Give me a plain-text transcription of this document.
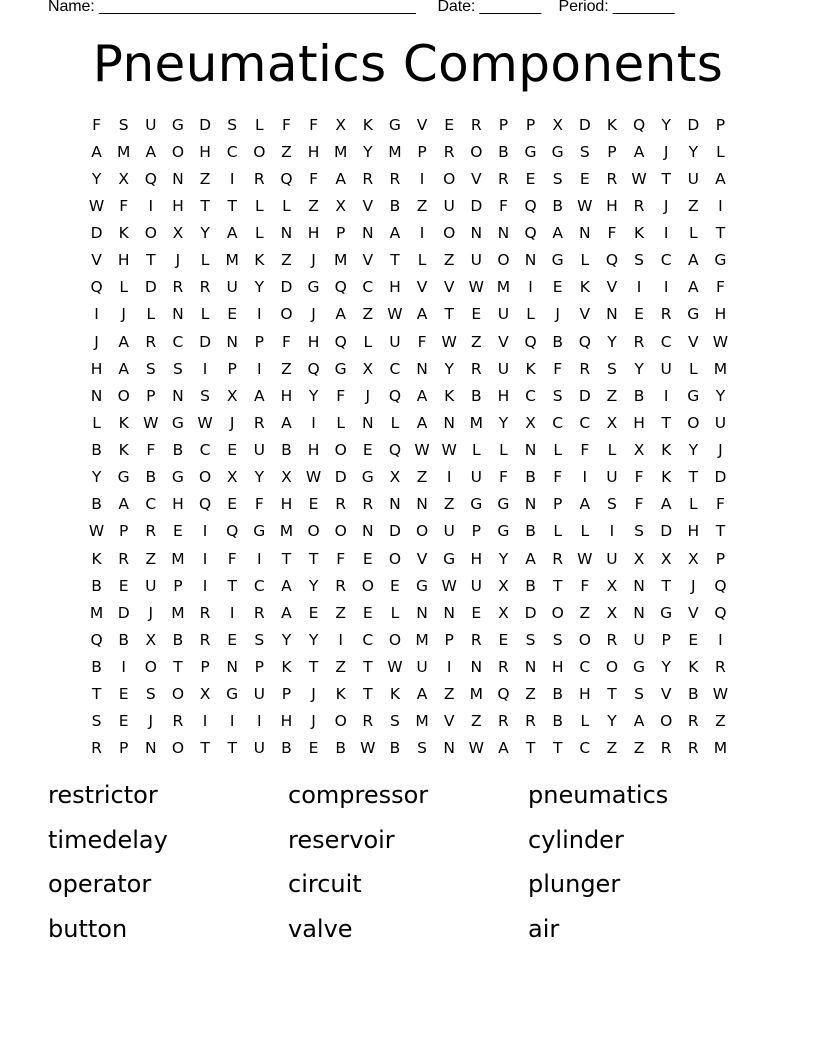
Name: ____________________________________ Date: _______ Period: _______
Pneumatics Components
F	S	U G D	S	L	F	F	X	K	G	V	E	R	P	P	X	D	K	Q	Y	D	P
A M A	O H	C	O	Z	H M	Y	M	P	R	O	B	G G	S	P	A	J	Y	L
Y	X	Q N	Z	I	R	Q	F	A	R	R	I	O	V	R	E	S	E	R W T	U	A
W F	I	H	T	T	L	L	Z	X	V	B	Z	U D	F	Q	B W H	R	J	Z	I
D	K	O	X	Y	A	L	N	H	P	N	A	I	O N	N Q	A	N	F	K	I	L	T
V	H	T	J	L	M K	Z	J	M V	T	L	Z	U O N G	L	Q	S	C	A	G
Q	L	D	R	R	U	Y	D G Q	C	H	V	V W M	I	E	K	V	I	I	A	F
I	J	L	N	L	E	I	O	J	A	Z W A	T	E	U	L	J	V	N	E	R	G H
J	A	R	C	D N	P	F	H Q	L	U	F W Z	V	Q	B	Q	Y	R	C	V W
H	A	S	S	I	P	I	Z	Q G	X	C	N	Y	R	U	K	F	R	S	Y	U	L	M
N O	P	N	S	X	A	H	Y	F	J	Q	A	K	B	H	C	S	D	Z	B	I	G	Y
L	K W G W	J	R	A	I	L	N	L	A	N M	Y	X	C	C	X	H	T	O U
B	K	F	B	C	E	U	B	H O	E	Q W W L	L	N	L	F	L	X	K	Y	J
Y	G	B	G O	X	Y	X W D G	X	Z	I	U	F	B	F	I	U	F	K	T	D
B	A	C	H Q	E	F	H	E	R	R	N	N	Z	G G N	P	A	S	F	A	L	F
W P	R	E	I	Q G M O O N D O U	P	G	B	L	L	I	S	D H	T
K	R	Z M	I	F	I	T	T	F	E	O	V	G H	Y	A	R W U	X	X	X	P
B	E	U	P	I	T	C	A	Y	R	O	E	G W U	X	B	T	F	X	N	T	J	Q
M D	J	M R	I	R	A	E	Z	E	L	N	N	E	X	D O	Z	X	N G	V	Q
Q	B	X	B	R	E	S	Y	Y	I	C	O M	P	R	E	S	S	O	R	U	P	E	I
B	I	O	T	P	N	P	K	T	Z	T W U	I	N	R	N	H	C	O G	Y	K	R
T	E	S	O	X	G U	P	J	K	T	K	A	Z M Q	Z	B	H	T	S	V	B W
S	E	J	R	I	I	I	H	J	O	R	S	M V	Z	R	R	B	L	Y	A	O	R	Z
R	P	N O	T	T	U	B	E	B W B	S	N W A	T	T	C	Z	Z	R	R M
restrictor	compressor	pneumatics
timedelay	reservoir	cylinder
operator	circuit	plunger
button	valve	air
